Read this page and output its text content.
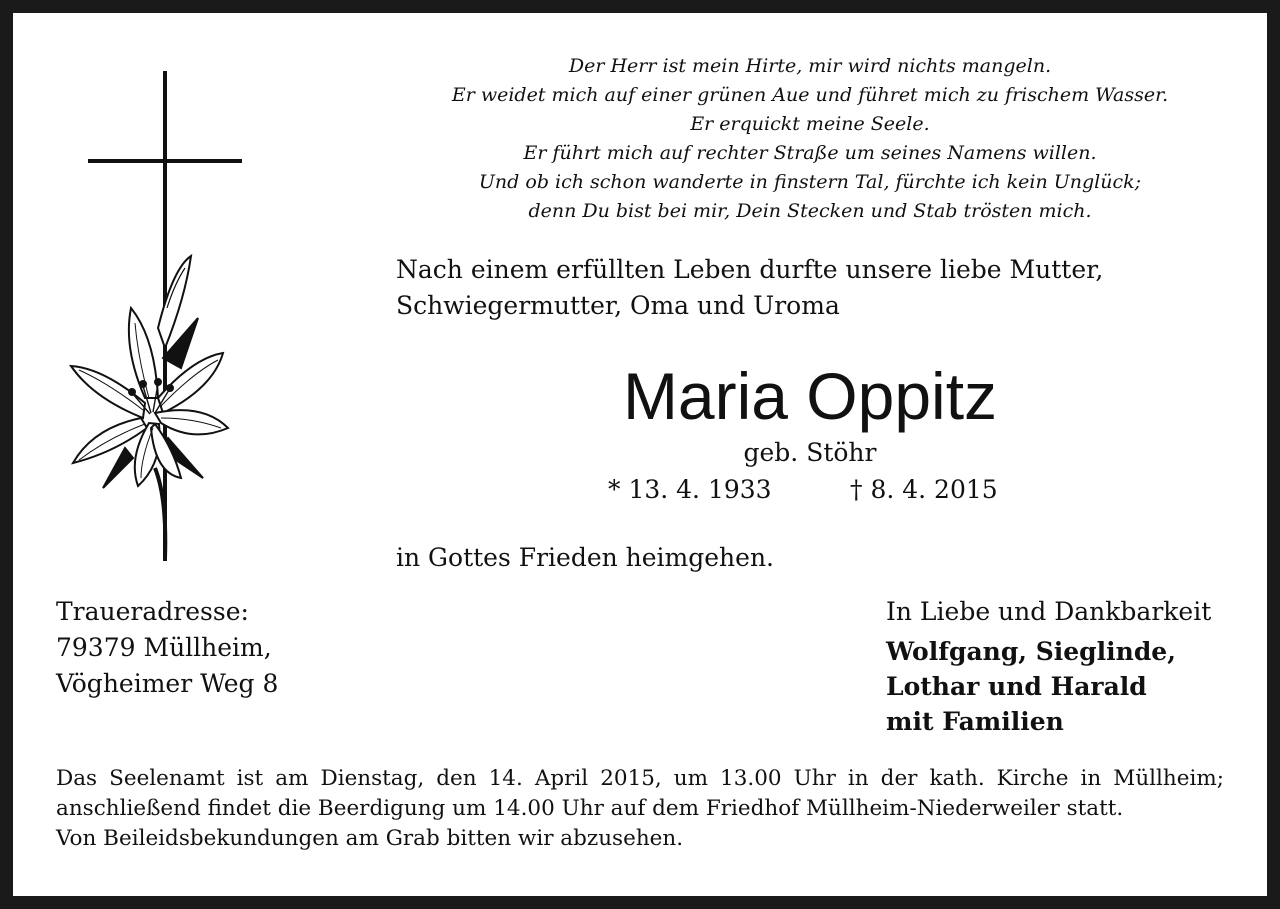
Der Herr ist mein Hirte, mir wird nichts mangeln.
Er weidet mich auf einer grünen Aue und führet mich zu frischem Wasser.
Er erquickt meine Seele.
Er führt mich auf rechter Straße um seines Namens willen.
Und ob ich schon wanderte in finstern Tal, fürchte ich kein Unglück;
denn Du bist bei mir, Dein Stecken und Stab trösten mich.
Nach einem erfüllten Leben durfte unsere liebe Mutter,
Schwiegermutter, Oma und Uroma
Maria Oppitz
geb. Stöhr
* 13. 4. 1933	† 8. 4. 2015
in Gottes Frieden heimgehen.
Traueradresse:
79379 Müllheim,
Vögheimer Weg 8
In Liebe und Dankbarkeit
Wolfgang, Sieglinde,
Lothar und Harald
mit Familien
Das Seelenamt ist am Dienstag, den 14. April 2015, um 13.00 Uhr in der kath. Kirche in Müllheim;
anschließend findet die Beerdigung um 14.00 Uhr auf dem Friedhof Müllheim-Niederweiler statt.
Von Beileidsbekundungen am Grab bitten wir abzusehen.
